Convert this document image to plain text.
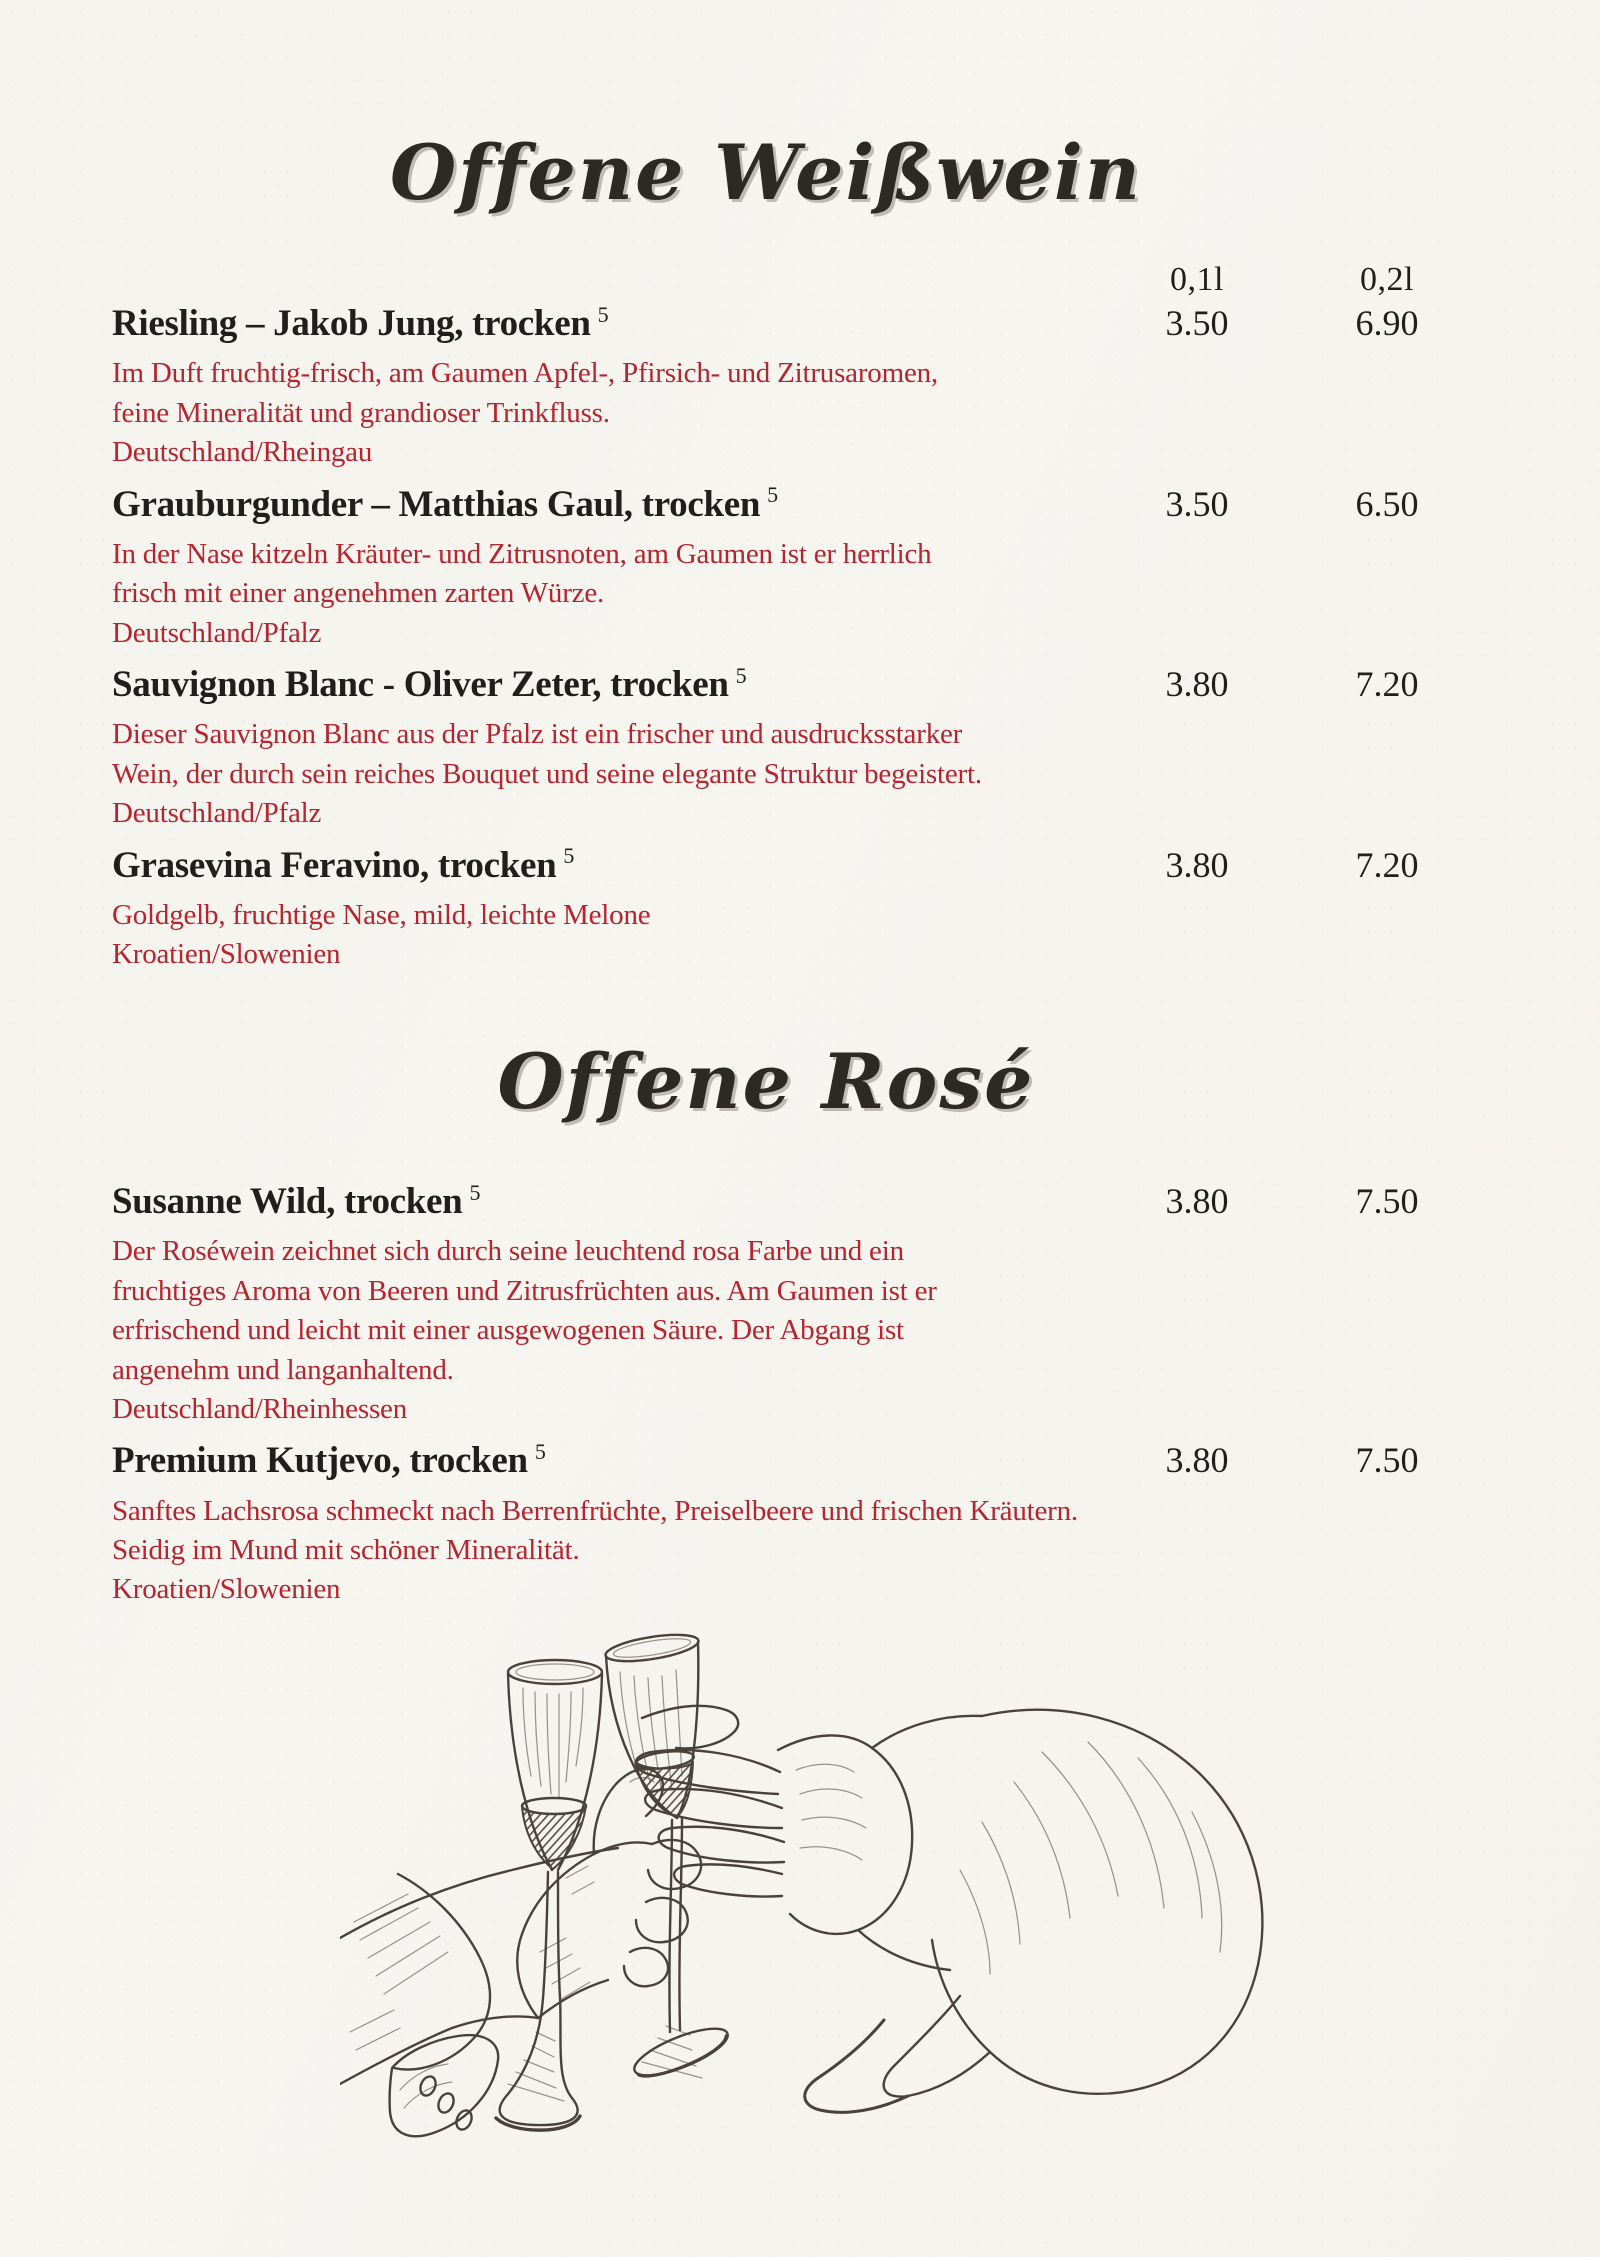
Offene Weißwein
0,1l	0,2l
Riesling – Jakob Jung, trocken $^5$	3.50	6.90
Im Duft fruchtig-frisch, am Gaumen Apfel-, Pfirsich- und Zitrusaromen,
feine Mineralität und grandioser Trinkfluss.
Deutschland/Rheingau
Grauburgunder – Matthias Gaul, trocken $^5$	3.50	6.50
In der Nase kitzeln Kräuter- und Zitrusnoten, am Gaumen ist er herrlich
frisch mit einer angenehmen zarten Würze.
Deutschland/Pfalz
Sauvignon Blanc - Oliver Zeter, trocken $^5$	3.80	7.20
Dieser Sauvignon Blanc aus der Pfalz ist ein frischer und ausdrucksstarker
Wein, der durch sein reiches Bouquet und seine elegante Struktur begeistert.
Deutschland/Pfalz
Grasevina Feravino, trocken $^5$	3.80	7.20
Goldgelb, fruchtige Nase, mild, leichte Melone
Kroatien/Slowenien
Offene Rosé
Susanne Wild, trocken $^5$	3.80	7.50
Der Roséwein zeichnet sich durch seine leuchtend rosa Farbe und ein
fruchtiges Aroma von Beeren und Zitrusfrüchten aus. Am Gaumen ist er
erfrischend und leicht mit einer ausgewogenen Säure. Der Abgang ist
angenehm und langanhaltend.
Deutschland/Rheinhessen
Premium Kutjevo, trocken $^5$	3.80	7.50
Sanftes Lachsrosa schmeckt nach Berrenfrüchte, Preiselbeere und frischen Kräutern.
Seidig im Mund mit schöner Mineralität.
Kroatien/Slowenien
